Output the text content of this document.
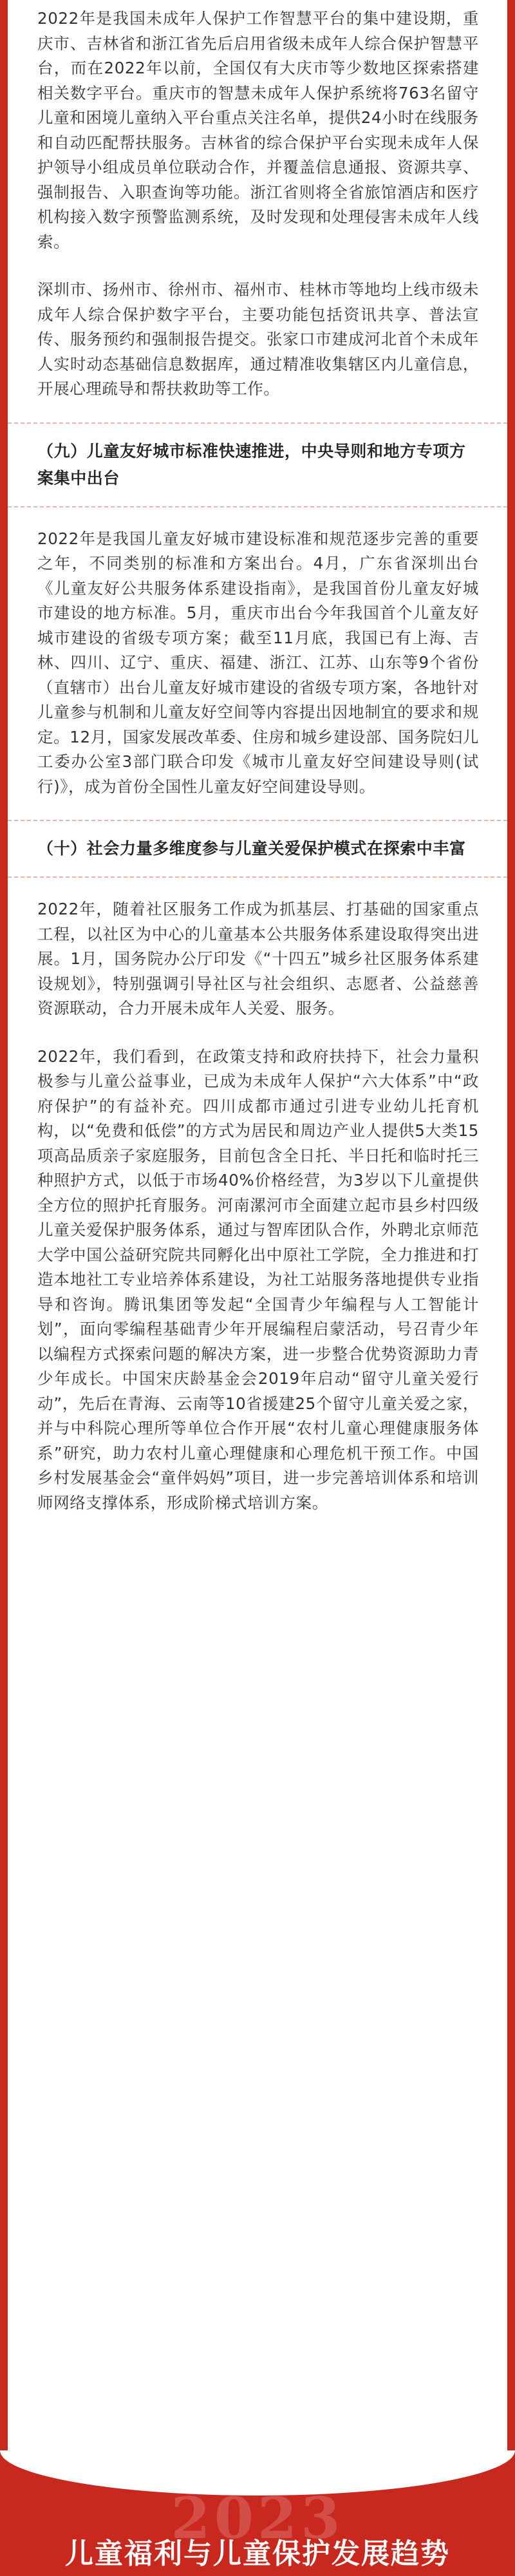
2022年是我国未成年人保护工作智慧平台的集中建设期，重庆市、吉林省和浙江省先后启用省级未成年人综合保护智慧平台，而在2022年以前，全国仅有大庆市等少数地区探索搭建相关数字平台。重庆市的智慧未成年人保护系统将763名留守儿童和困境儿童纳入平台重点关注名单，提供24小时在线服务和自动匹配帮扶服务。吉林省的综合保护平台实现未成年人保护领导小组成员单位联动合作，并覆盖信息通报、资源共享、强制报告、入职查询等功能。浙江省则将全省旅馆酒店和医疗机构接入数字预警监测系统，及时发现和处理侵害未成年人线索。

深圳市、扬州市、徐州市、福州市、桂林市等地均上线市级未成年人综合保护数字平台，主要功能包括资讯共享、普法宣传、服务预约和强制报告提交。张家口市建成河北首个未成年人实时动态基础信息数据库，通过精准收集辖区内儿童信息，开展心理疏导和帮扶救助等工作。

（九）儿童友好城市标准快速推进，中央导则和地方专项方案集中出台

2022年是我国儿童友好城市建设标准和规范逐步完善的重要之年，不同类别的标准和方案出台。4月，广东省深圳出台《儿童友好公共服务体系建设指南》，是我国首份儿童友好城市建设的地方标准。5月，重庆市出台今年我国首个儿童友好城市建设的省级专项方案；截至11月底，我国已有上海、吉林、四川、辽宁、重庆、福建、浙江、江苏、山东等9个省份（直辖市）出台儿童友好城市建设的省级专项方案，各地针对儿童参与机制和儿童友好空间等内容提出因地制宜的要求和规定。12月，国家发展改革委、住房和城乡建设部、国务院妇儿工委办公室3部门联合印发《城市儿童友好空间建设导则(试行)》，成为首份全国性儿童友好空间建设导则。

（十）社会力量多维度参与儿童关爱保护模式在探索中丰富

2022年，随着社区服务工作成为抓基层、打基础的国家重点工程，以社区为中心的儿童基本公共服务体系建设取得突出进展。1月，国务院办公厅印发《“十四五”城乡社区服务体系建设规划》，特别强调引导社区与社会组织、志愿者、公益慈善资源联动，合力开展未成年人关爱、服务。

2022年，我们看到，在政策支持和政府扶持下，社会力量积极参与儿童公益事业，已成为未成年人保护“六大体系”中“政府保护”的有益补充。四川成都市通过引进专业幼儿托育机构，以“免费和低偿”的方式为居民和周边产业人提供5大类15项高品质亲子家庭服务，目前包含全日托、半日托和临时托三种照护方式，以低于市场40%价格经营，为3岁以下儿童提供全方位的照护托育服务。河南漯河市全面建立起市县乡村四级儿童关爱保护服务体系，通过与智库团队合作，外聘北京师范大学中国公益研究院共同孵化出中原社工学院，全力推进和打造本地社工专业培养体系建设，为社工站服务落地提供专业指导和咨询。腾讯集团等发起“全国青少年编程与人工智能计划”，面向零编程基础青少年开展编程启蒙活动，号召青少年以编程方式探索问题的解决方案，进一步整合优势资源助力青少年成长。中国宋庆龄基金会2019年启动“留守儿童关爱行动”，先后在青海、云南等10省援建25个留守儿童关爱之家，并与中科院心理所等单位合作开展“农村儿童心理健康服务体系”研究，助力农村儿童心理健康和心理危机干预工作。中国乡村发展基金会“童伴妈妈”项目，进一步完善培训体系和培训师网络支撑体系，形成阶梯式培训方案。

2023
儿童福利与儿童保护发展趋势
